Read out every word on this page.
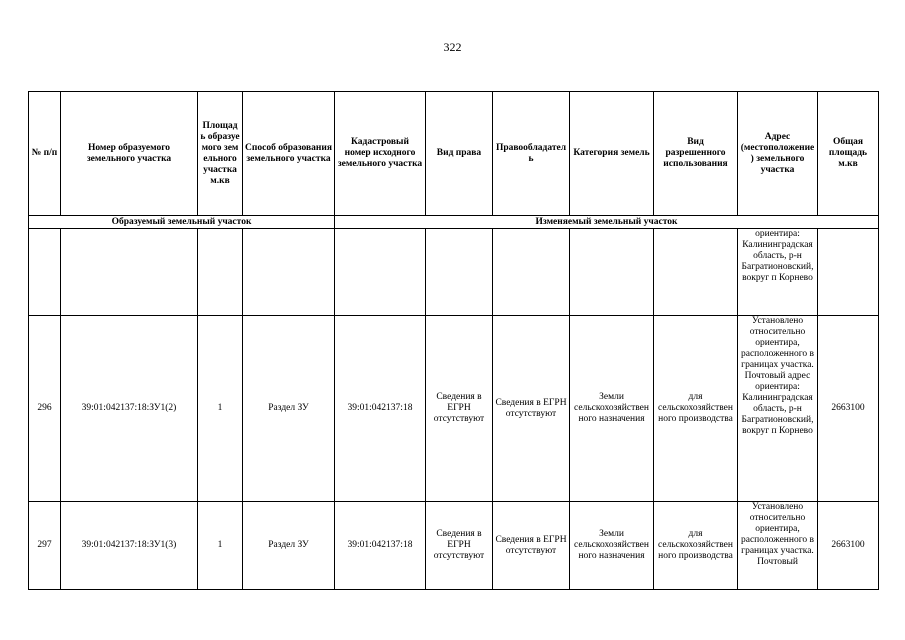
322
№ п/п	Номер образуемого земельного участка	Площадь образуемого земельного участка м.кв	Способ образования земельного участка	Кадастровый номер исходного земельного участка	Вид права	Правообладатель	Категория земель	Вид разрешенного использования	Адрес (местоположение) земельного участка	Общая площадь м.кв
Образуемый земельный участок				Изменяемый земельный участок						
									ориентира: Калининградская область, р-н Багратионовский, вокруг п Корнево	
296	39:01:042137:18:ЗУ1(2)	1	Раздел ЗУ	39:01:042137:18	Сведения в ЕГРН отсутствуют	Сведения в ЕГРН отсутствуют	Земли сельскохозяйственного назначения	для сельскохозяйственного производства	Установлено относительно ориентира, расположенного в границах участка. Почтовый адрес ориентира: Калининградская область, р-н Багратионовский, вокруг п Корнево	2663100
297	39:01:042137:18:ЗУ1(3)	1	Раздел ЗУ	39:01:042137:18	Сведения в ЕГРН отсутствуют	Сведения в ЕГРН отсутствуют	Земли сельскохозяйственного назначения	для сельскохозяйственного производства	Установлено относительно ориентира, расположенного в границах участка. Почтовый	2663100
